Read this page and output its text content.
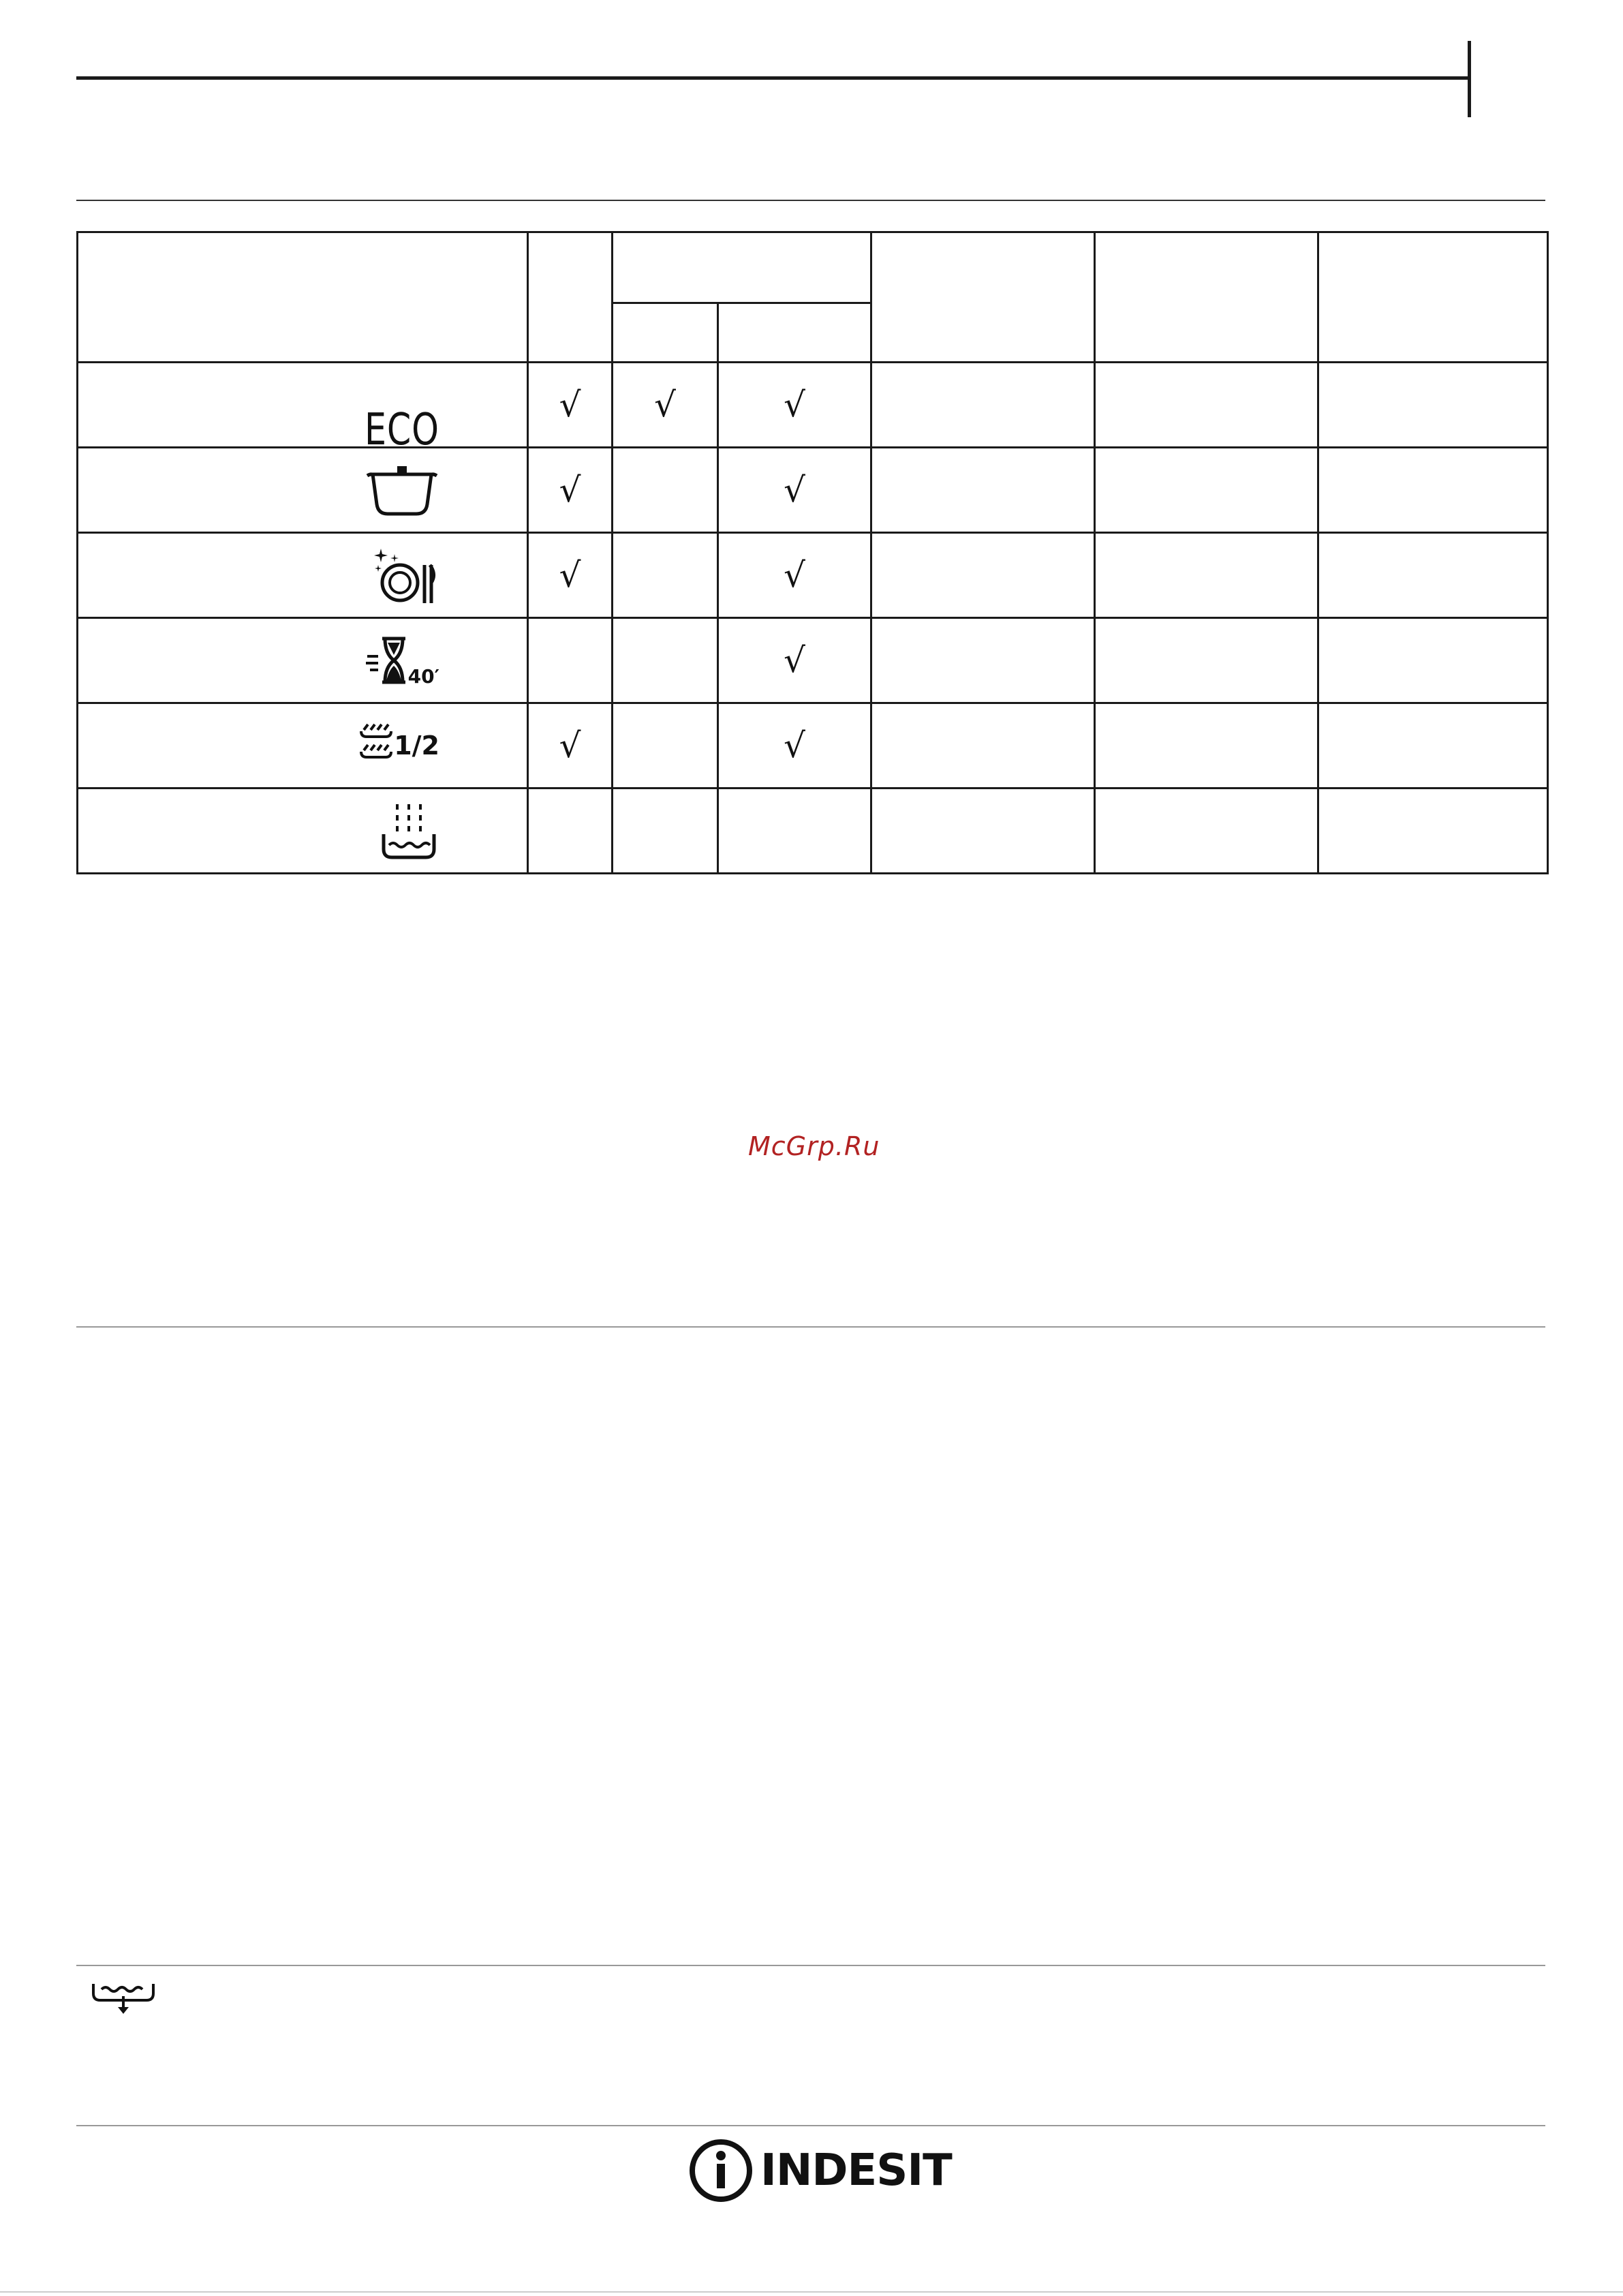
ECO	√	√	√			

	√		√			

	√		√			

40′			√			

1/2	√		√			

McGrp.Ru
INDESIT
